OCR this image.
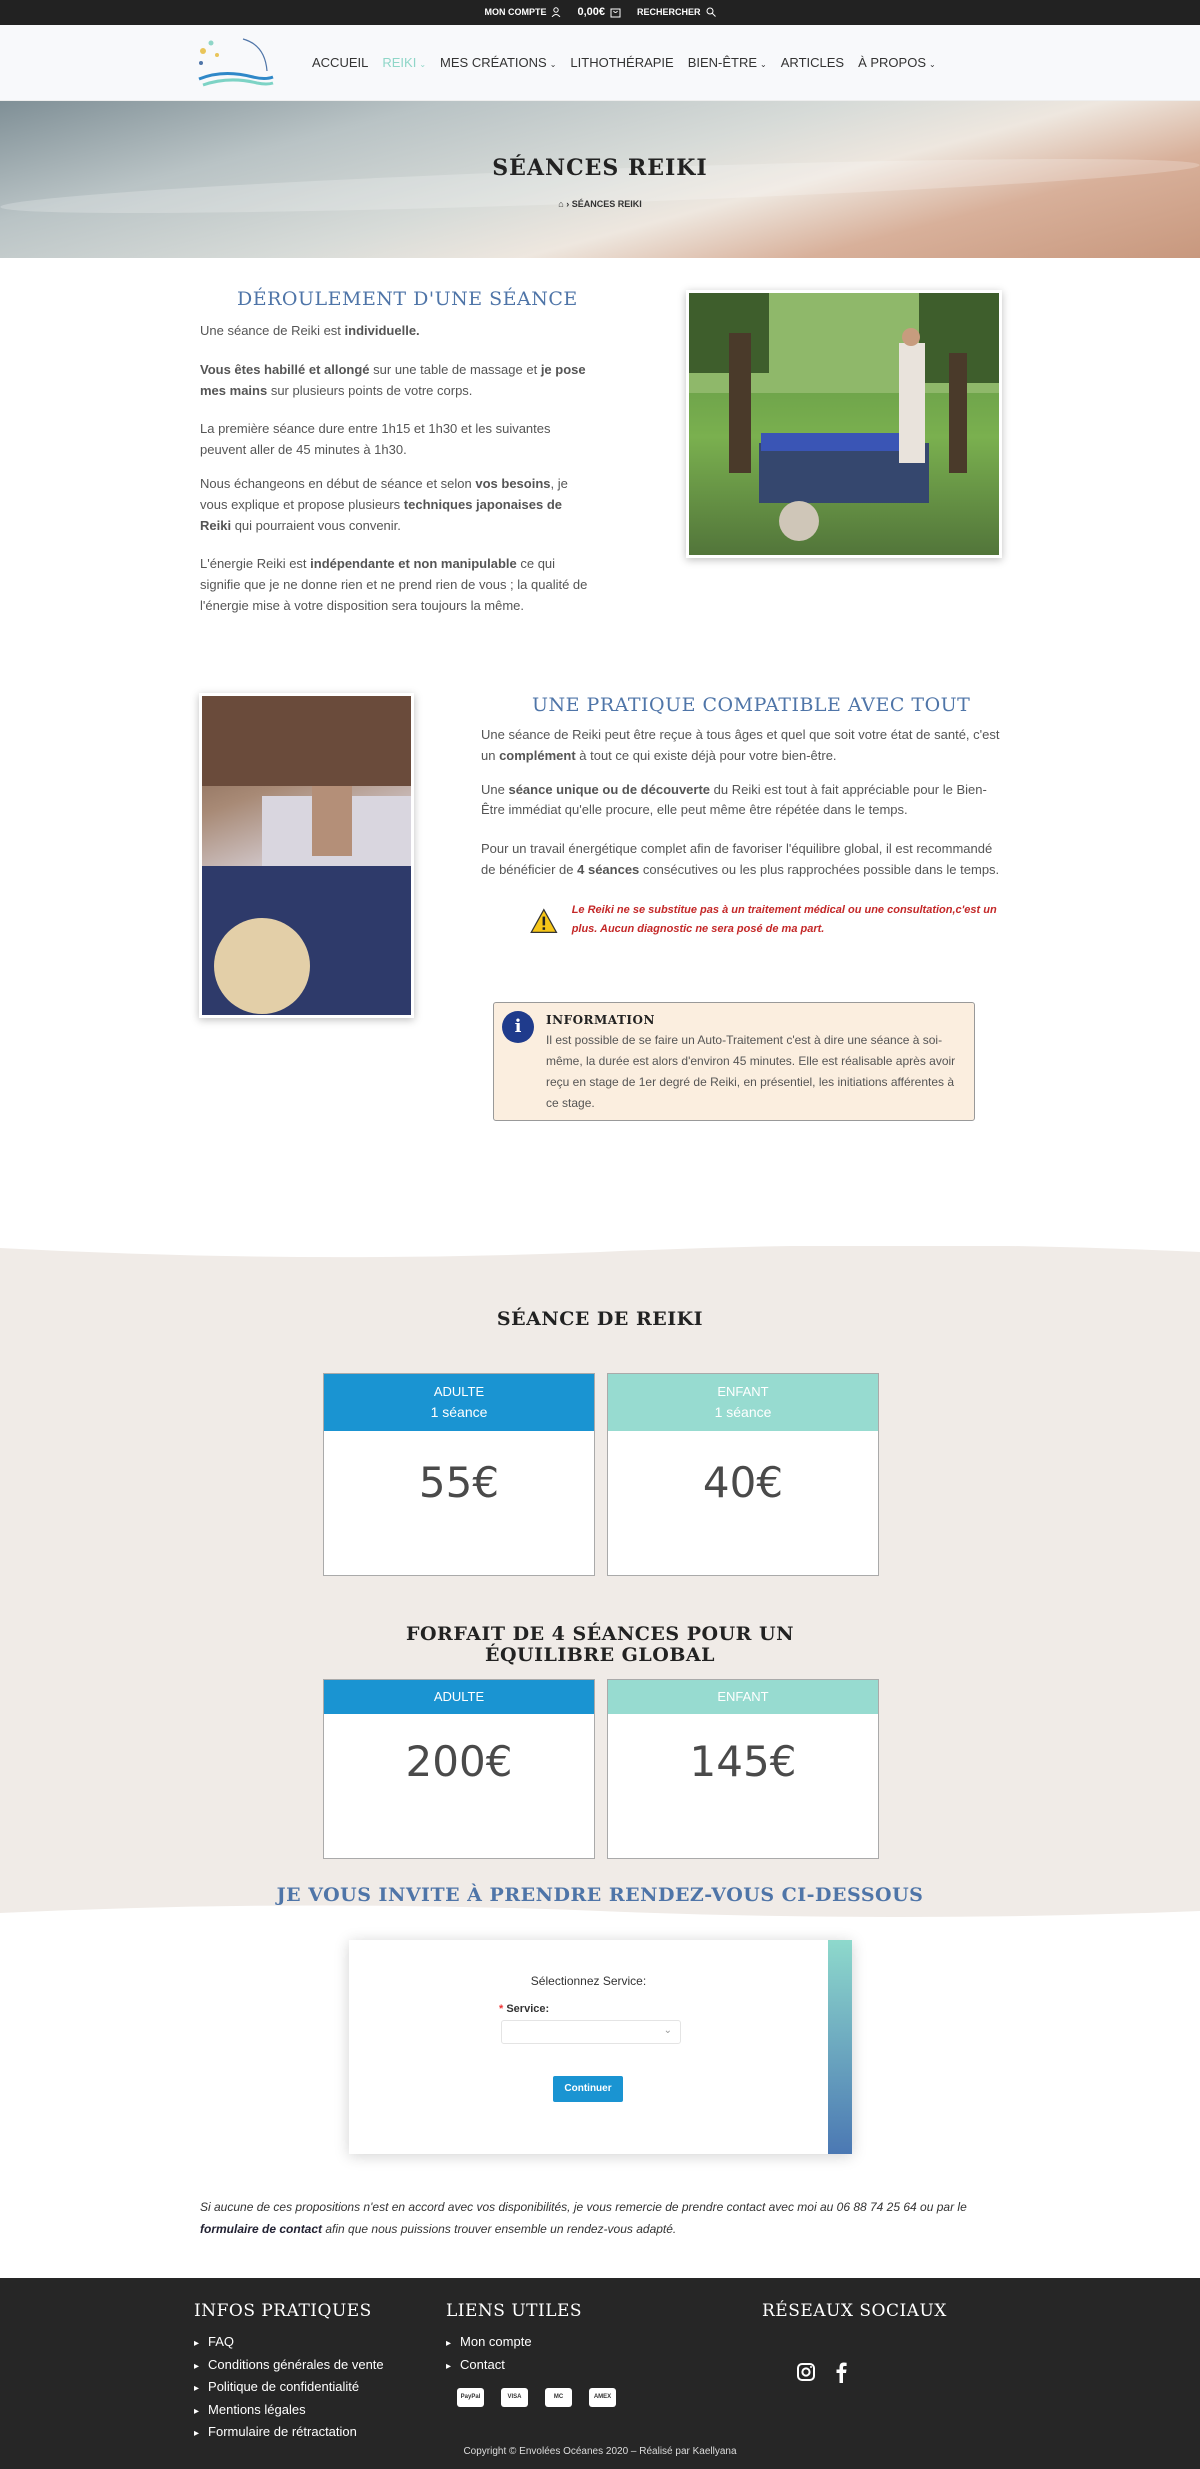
MON COMPTE	0,00€	RECHERCHER
ACCUEIL REIKI ⌄ MES CRÉATIONS ⌄ LITHOTHÉRAPIE BIEN-ÊTRE ⌄ ARTICLES À PROPOS ⌄
SÉANCES REIKI
⌂ › SÉANCES REIKI
DÉROULEMENT D'UNE SÉANCE

Une séance de Reiki est individuelle.

Vous êtes habillé et allongé sur une table de massage et je pose mes mains sur plusieurs points de votre corps.

La première séance dure entre 1h15 et 1h30 et les suivantes peuvent aller de 45 minutes à 1h30.

Nous échangeons en début de séance et selon vos besoins, je vous explique et propose plusieurs techniques japonaises de Reiki qui pourraient vous convenir.

L'énergie Reiki est indépendante et non manipulable ce qui signifie que je ne donne rien et ne prend rien de vous ; la qualité de l'énergie mise à votre disposition sera toujours la même.

UNE PRATIQUE COMPATIBLE AVEC TOUT

Une séance de Reiki peut être reçue à tous âges et quel que soit votre état de santé, c'est un complément à tout ce qui existe déjà pour votre bien-être.

Une séance unique ou de découverte du Reiki est tout à fait appréciable pour le Bien-Être immédiat qu'elle procure, elle peut même être répétée dans le temps.

Pour un travail énergétique complet afin de favoriser l'équilibre global, il est recommandé de bénéficier de 4 séances consécutives ou les plus rapprochées possible dans le temps.

Le Reiki ne se substitue pas à un traitement médical ou une consultation,c'est un plus. Aucun diagnostic ne sera posé de ma part.
i	INFORMATION

Il est possible de se faire un Auto-Traitement c'est à dire une séance à soi-même, la durée est alors d'environ 45 minutes. Elle est réalisable après avoir reçu en stage de 1er degré de Reiki, en présentiel, les initiations afférentes à ce stage.

SÉANCE DE REIKI
ADULTE
1 séance
55€
ENFANT
1 séance
40€
FORFAIT DE 4 SÉANCES POUR UN ÉQUILIBRE GLOBAL
ADULTE
200€
ENFANT
145€
JE VOUS INVITE À PRENDRE RENDEZ-VOUS CI-DESSOUS
Sélectionnez Service:
* Service:
⌄
Continuer

Si aucune de ces propositions n'est en accord avec vos disponibilités, je vous remercie de prendre contact avec moi au 06 88 74 25 64 ou par le formulaire de contact afin que nous puissions trouver ensemble un rendez-vous adapté.

INFOS PRATIQUES
▸ FAQ
▸ Conditions générales de vente
▸ Politique de confidentialité
▸ Mentions légales
▸ Formulaire de rétractation
LIENS UTILES
▸ Mon compte
▸ Contact
PayPal	VISA	MC	AMEX
RÉSEAUX SOCIAUX
Copyright © Envolées Océanes 2020 – Réalisé par Kaellyana
